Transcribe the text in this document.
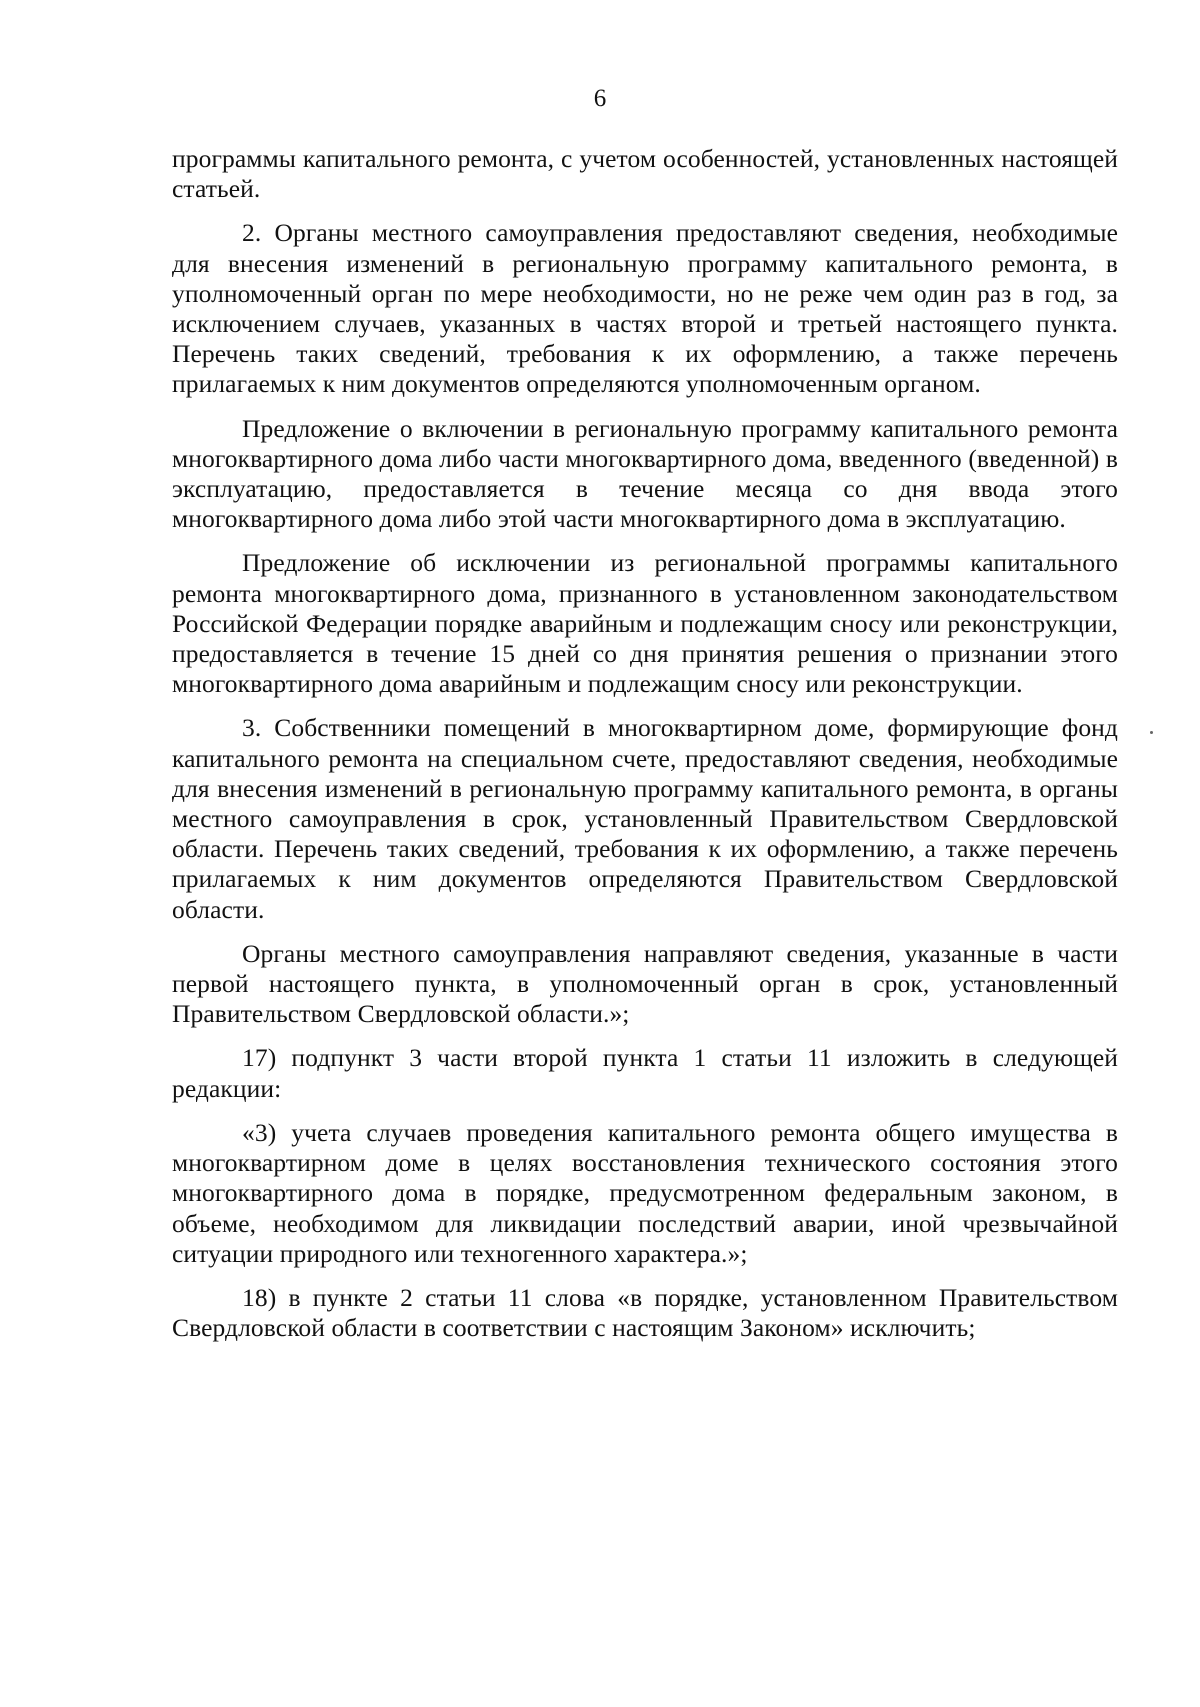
6

программы капитального ремонта, с учетом особенностей, установленных настоящей статьей.

2. Органы местного самоуправления предоставляют сведения, необходимые для внесения изменений в региональную программу капитального ремонта, в уполномоченный орган по мере необходимости, но не реже чем один раз в год, за исключением случаев, указанных в частях второй и третьей настоящего пункта. Перечень таких сведений, требования к их оформлению, а также перечень прилагаемых к ним документов определяются уполномоченным органом.

Предложение о включении в региональную программу капитального ремонта многоквартирного дома либо части многоквартирного дома, введенного (введенной) в эксплуатацию, предоставляется в течение месяца со дня ввода этого многоквартирного дома либо этой части многоквартирного дома в эксплуатацию.

Предложение об исключении из региональной программы капитального ремонта многоквартирного дома, признанного в установленном законодательством Российской Федерации порядке аварийным и подлежащим сносу или реконструкции, предоставляется в течение 15 дней со дня принятия решения о признании этого многоквартирного дома аварийным и подлежащим сносу или реконструкции.

3. Собственники помещений в многоквартирном доме, формирующие фонд капитального ремонта на специальном счете, предоставляют сведения, необходимые для внесения изменений в региональную программу капитального ремонта, в органы местного самоуправления в срок, установленный Правительством Свердловской области. Перечень таких сведений, требования к их оформлению, а также перечень прилагаемых к ним документов определяются Правительством Свердловской области.

Органы местного самоуправления направляют сведения, указанные в части первой настоящего пункта, в уполномоченный орган в срок, установленный Правительством Свердловской области.»;

17) подпункт 3 части второй пункта 1 статьи 11 изложить в следующей редакции:

«3) учета случаев проведения капитального ремонта общего имущества в многоквартирном доме в целях восстановления технического состояния этого многоквартирного дома в порядке, предусмотренном федеральным законом, в объеме, необходимом для ликвидации последствий аварии, иной чрезвычайной ситуации природного или техногенного характера.»;

18) в пункте 2 статьи 11 слова «в порядке, установленном Правительством Свердловской области в соответствии с настоящим Законом» исключить;
